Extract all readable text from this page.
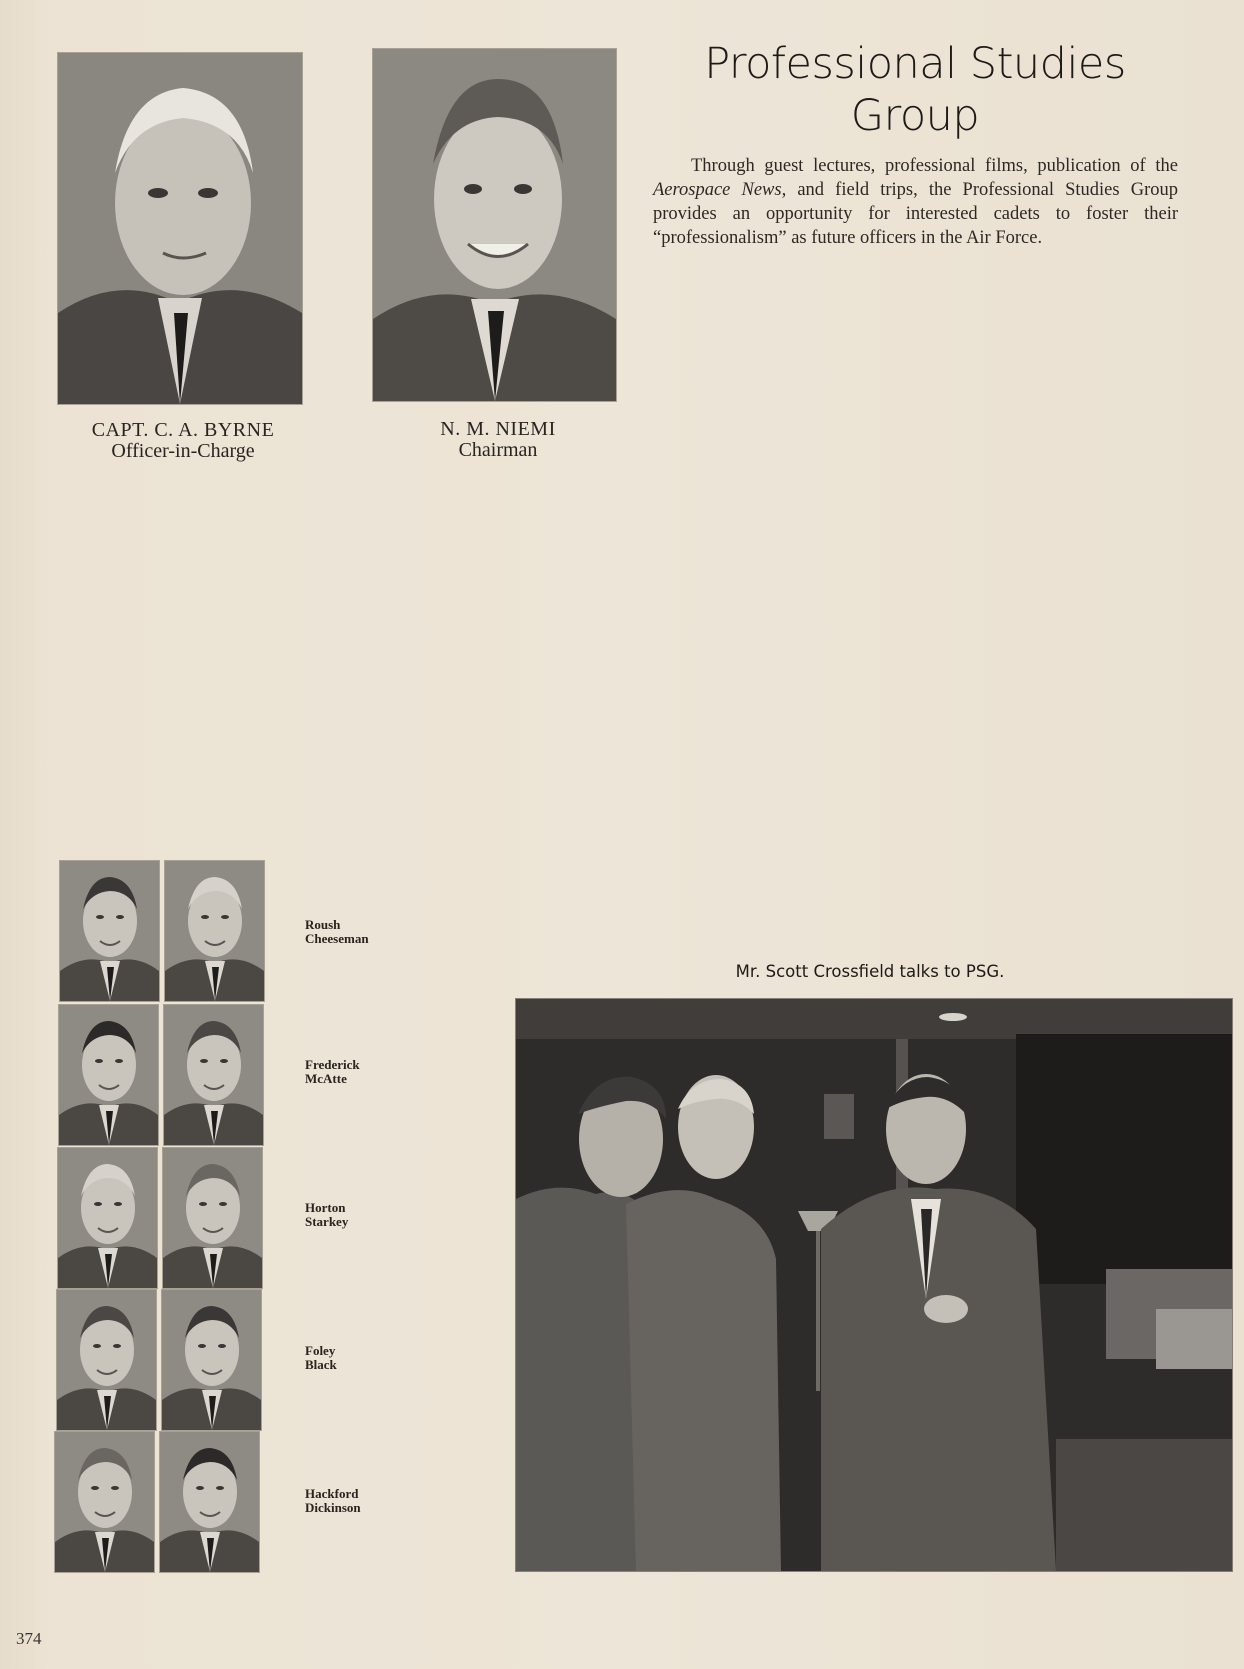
CAPT. C. A. BYRNE
Officer-in-Charge
N. M. NIEMI
Chairman
Professional Studies
Group

Through guest lectures, professional films, publication of the Aerospace News, and field trips, the Professional Studies Group provides an opportunity for interested cadets to foster their “professionalism” as future officers in the Air Force.

Roush
Cheeseman
Frederick
McAtte
Horton
Starkey
Foley
Black
Hackford
Dickinson
Mr. Scott Crossfield talks to PSG.
374
